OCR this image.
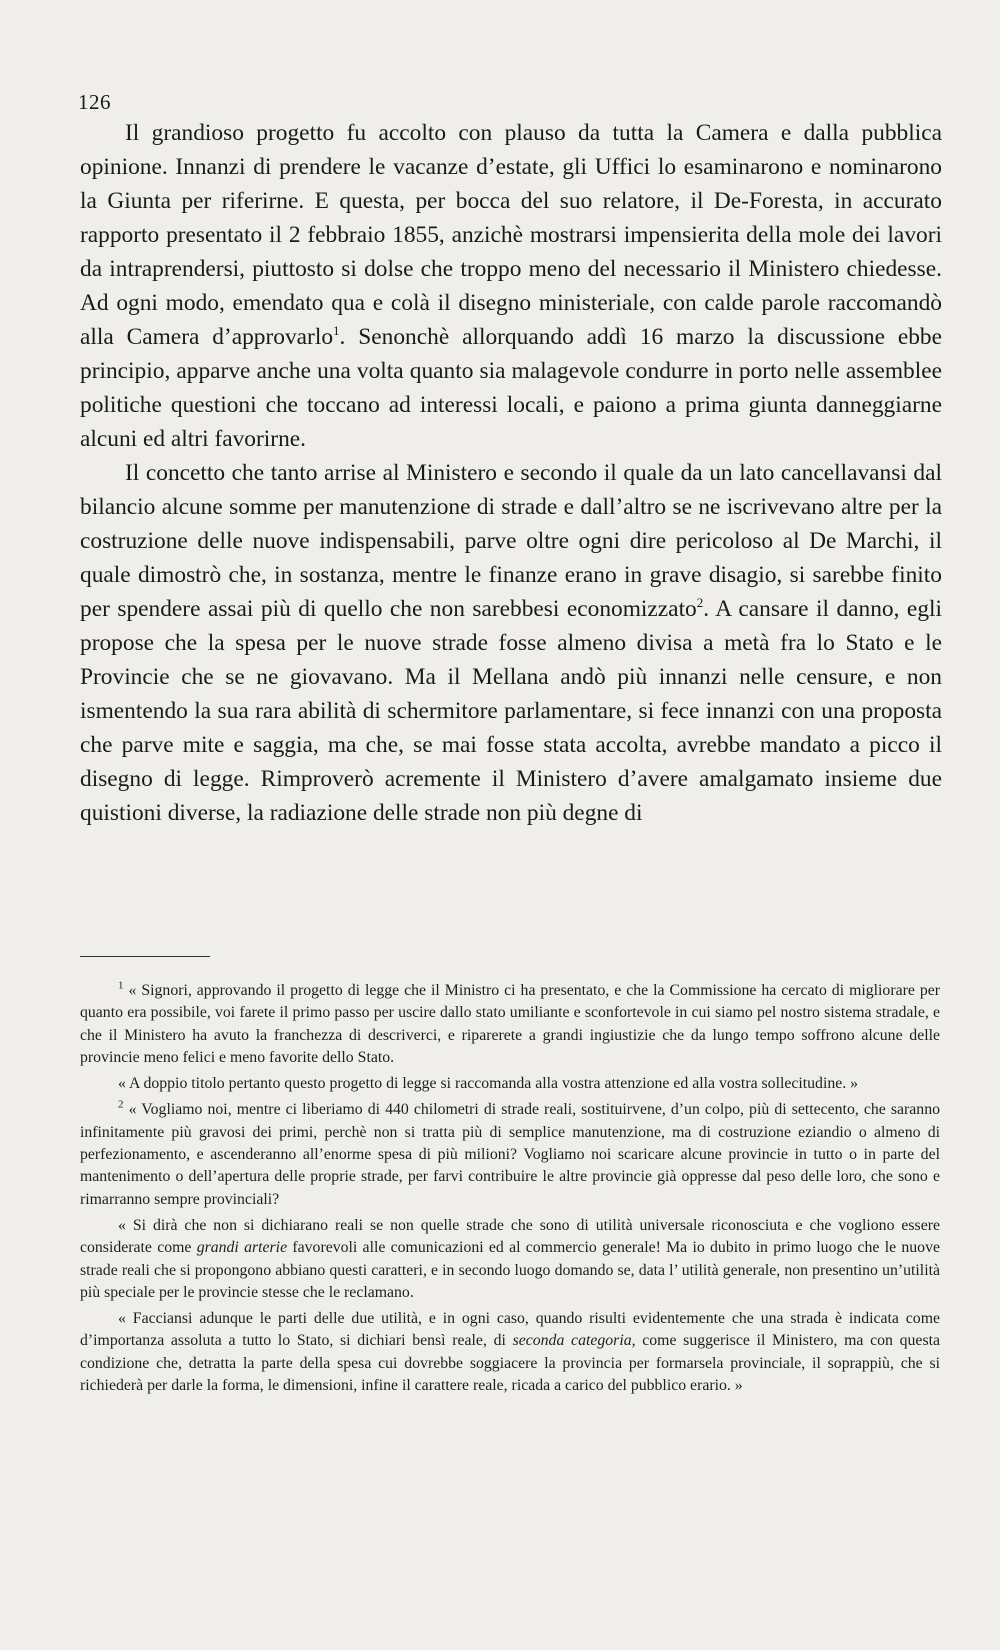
126

Il grandioso progetto fu accolto con plauso da tutta la Camera e dalla pubblica opinione. Innanzi di prendere le vacanze d’estate, gli Uffici lo esaminarono e nominarono la Giunta per riferirne. E questa, per bocca del suo relatore, il De-Foresta, in accurato rapporto presentato il 2 febbraio 1855, anzichè mostrarsi impensierita della mole dei lavori da intraprendersi, piuttosto si dolse che troppo meno del necessario il Ministero chiedesse. Ad ogni modo, emendato qua e colà il disegno ministeriale, con calde parole raccomandò alla Camera d’approvarlo$^1$. Senonchè allorquando addì 16 marzo la discussione ebbe principio, apparve anche una volta quanto sia malagevole condurre in porto nelle assemblee politiche questioni che toccano ad interessi locali, e paiono a prima giunta danneggiarne alcuni ed altri favorirne.

Il concetto che tanto arrise al Ministero e secondo il quale da un lato cancellavansi dal bilancio alcune somme per manutenzione di strade e dall’altro se ne iscrivevano altre per la costruzione delle nuove indispensabili, parve oltre ogni dire pericoloso al De Marchi, il quale dimostrò che, in sostanza, mentre le finanze erano in grave disagio, si sarebbe finito per spendere assai più di quello che non sarebbesi economizzato$^2$. A cansare il danno, egli propose che la spesa per le nuove strade fosse almeno divisa a metà fra lo Stato e le Provincie che se ne giovavano. Ma il Mellana andò più innanzi nelle censure, e non ismentendo la sua rara abilità di schermitore parlamentare, si fece innanzi con una proposta che parve mite e saggia, ma che, se mai fosse stata accolta, avrebbe mandato a picco il disegno di legge. Rimproverò acremente il Ministero d’avere amalgamato insieme due quistioni diverse, la radiazione delle strade non più degne di

$^1$ « Signori, approvando il progetto di legge che il Ministro ci ha presentato, e che la Commissione ha cercato di migliorare per quanto era possibile, voi farete il primo passo per uscire dallo stato umiliante e sconfortevole in cui siamo pel nostro sistema stradale, e che il Ministero ha avuto la franchezza di descriverci, e riparerete a grandi ingiustizie che da lungo tempo soffrono alcune delle provincie meno felici e meno favorite dello Stato.

« A doppio titolo pertanto questo progetto di legge si raccomanda alla vostra attenzione ed alla vostra sollecitudine. »

$^2$ « Vogliamo noi, mentre ci liberiamo di 440 chilometri di strade reali, sostituirvene, d’un colpo, più di settecento, che saranno infinitamente più gravosi dei primi, perchè non si tratta più di semplice manutenzione, ma di costruzione eziandio o almeno di perfezionamento, e ascenderanno all’enorme spesa di più milioni? Vogliamo noi scaricare alcune provincie in tutto o in parte del mantenimento o dell’apertura delle proprie strade, per farvi contribuire le altre provincie già oppresse dal peso delle loro, che sono e rimarranno sempre provinciali?

« Si dirà che non si dichiarano reali se non quelle strade che sono di utilità universale riconosciuta e che vogliono essere considerate come grandi arterie favorevoli alle comunicazioni ed al commercio generale! Ma io dubito in primo luogo che le nuove strade reali che si propongono abbiano questi caratteri, e in secondo luogo domando se, data l’ utilità generale, non presentino un’utilità più speciale per le provincie stesse che le reclamano.

« Facciansi adunque le parti delle due utilità, e in ogni caso, quando risulti evidentemente che una strada è indicata come d’importanza assoluta a tutto lo Stato, si dichiari bensì reale, di seconda categoria, come suggerisce il Ministero, ma con questa condizione che, detratta la parte della spesa cui dovrebbe soggiacere la provincia per formarsela provinciale, il soprappiù, che si richiederà per darle la forma, le dimensioni, infine il carattere reale, ricada a carico del pubblico erario. »
